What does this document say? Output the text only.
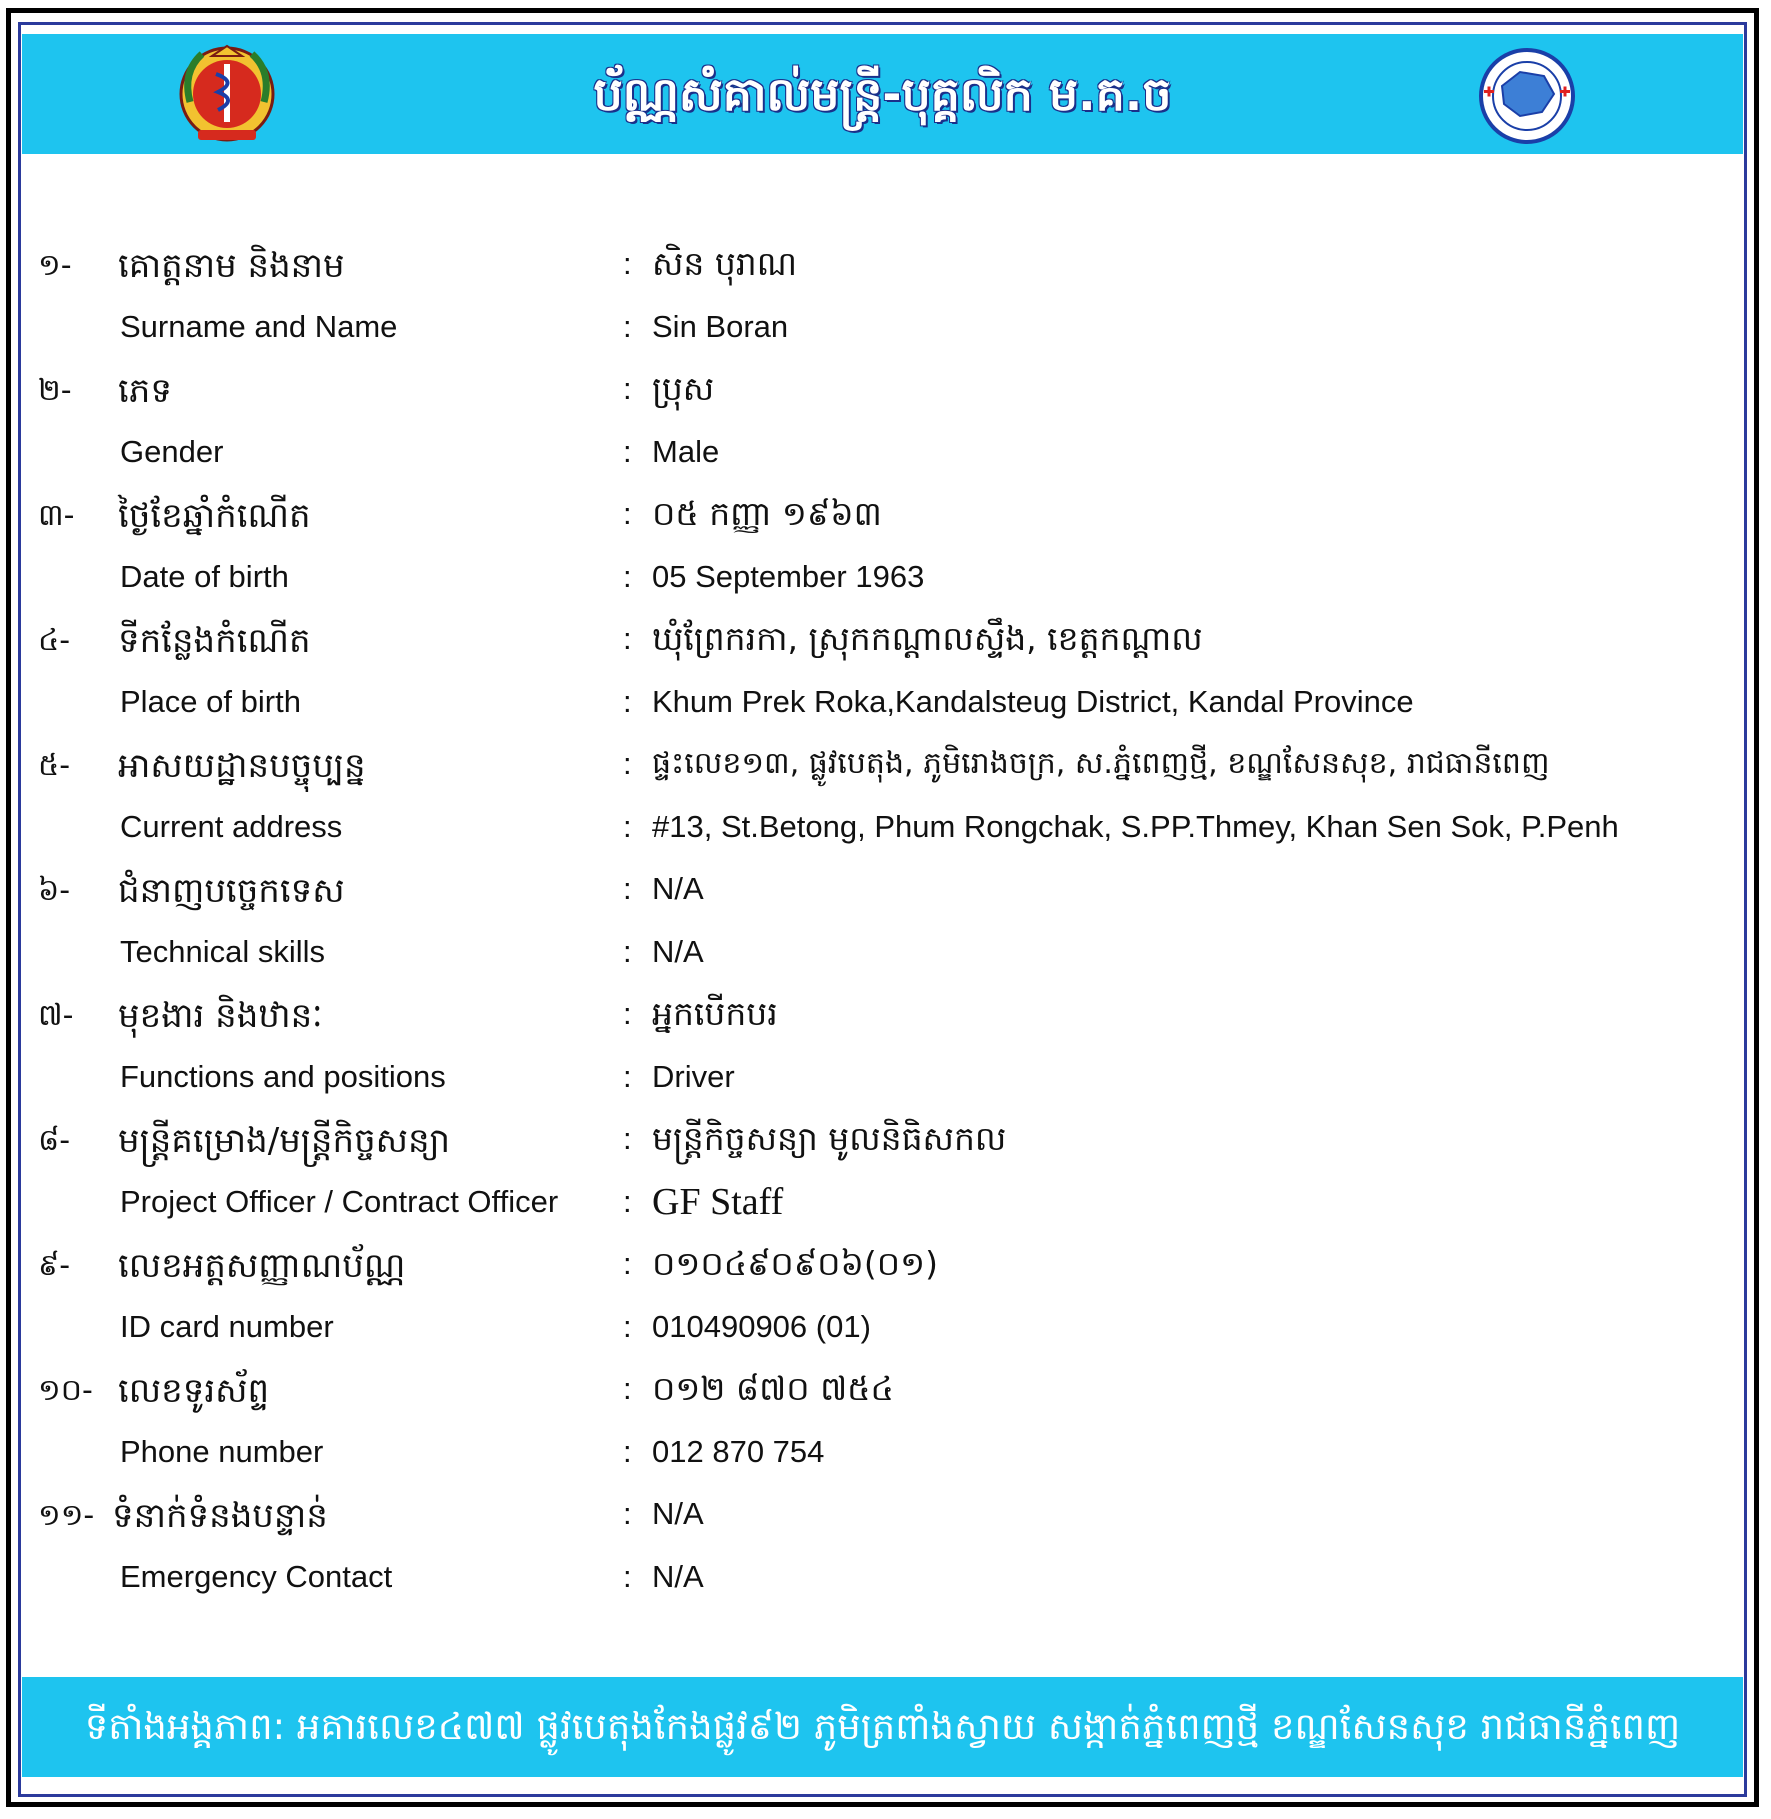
ប័ណ្ណសំគាល់មន្ត្រី-បុគ្គលិក ម.គ.ច
១- គោត្តនាម និងនាម	: សិន បុរាណ
Surname and Name	: Sin Boran
២- ភេទ	: ប្រុស
Gender	: Male
៣- ថ្ងៃខែឆ្នាំកំណើត	: ០៥ កញ្ញា ១៩៦៣
Date of birth	: 05 September 1963
៤- ទីកន្លែងកំណើត	: ឃុំព្រែករកា, ស្រុកកណ្តាលស្ទឹង, ខេត្តកណ្តាល
Place of birth	: Khum Prek Roka,Kandalsteug District, Kandal Province
៥- អាសយដ្ឋានបច្ចុប្បន្ន	: ផ្ទះលេខ១៣, ផ្លូវបេតុង, ភូមិរោងចក្រ, ស.ភ្នំពេញថ្មី, ខណ្ឌសែនសុខ, រាជធានីពេញ
Current address	: #13, St.Betong, Phum Rongchak, S.PP.Thmey, Khan Sen Sok, P.Penh
៦- ជំនាញបច្ចេកទេស	: N/A
Technical skills	: N/A
៧- មុខងារ និងឋានៈ	: អ្នកបើកបរ
Functions and positions	: Driver
៨- មន្ត្រីគម្រោង/មន្ត្រីកិច្ចសន្យា	: មន្ត្រីកិច្ចសន្យា មូលនិធិសកល
Project Officer / Contract Officer : GF Staff
៩- លេខអត្តសញ្ញាណប័ណ្ណ	: ០១០៤៩០៩០៦(០១)
ID card number	: 010490906 (01)
១០- លេខទូរស័ព្ទ	: ០១២ ៨៧០ ៧៥៤
Phone number	: 012 870 754
១១- ទំនាក់ទំនងបន្ទាន់	: N/A
Emergency Contact	: N/A
ទីតាំងអង្គភាព: អគារលេខ៤៧៧ ផ្លូវបេតុងកែងផ្លូវ៩២ ភូមិត្រពាំងស្វាយ សង្កាត់ភ្នំពេញថ្មី ខណ្ឌសែនសុខ រាជធានីភ្នំពេញ
